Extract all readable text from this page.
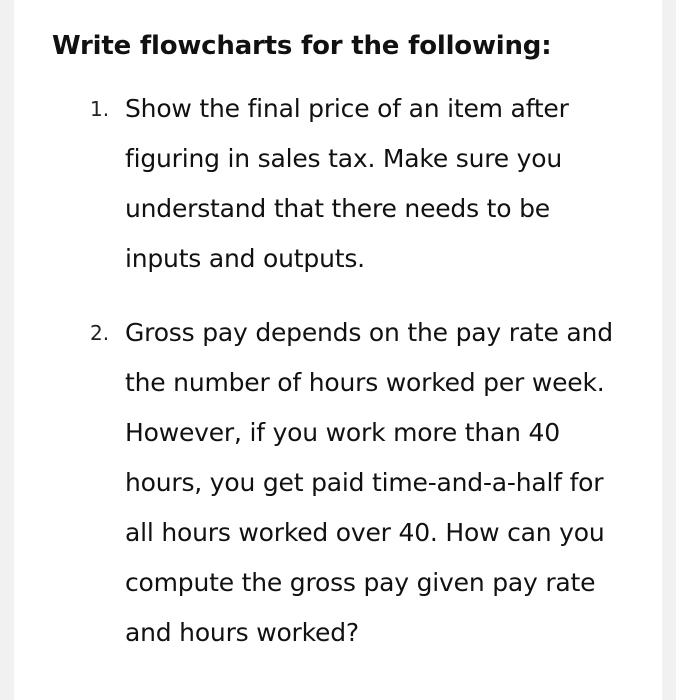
Write flowcharts for the following:
1. Show the final price of an item after
figuring in sales tax. Make sure you
understand that there needs to be
inputs and outputs.
2. Gross pay depends on the pay rate and
the number of hours worked per week.
However, if you work more than 40
hours, you get paid time-and-a-half for
all hours worked over 40. How can you
compute the gross pay given pay rate
and hours worked?
